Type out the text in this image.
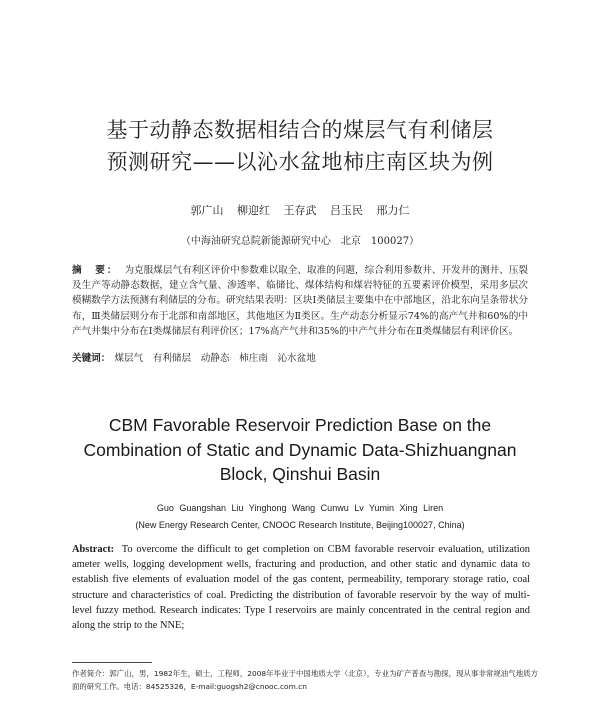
基于动静态数据相结合的煤层气有利储层
预测研究——以沁水盆地柿庄南区块为例
郭广山 柳迎红 王存武 吕玉民 邢力仁
（中海油研究总院新能源研究中心　北京　100027）

摘　要： 为克服煤层气有利区评价中参数难以取全、取准的问题，综合利用参数井、开发井的测井、压裂及生产等动静态数据，建立含气量、渗透率、临储比、煤体结构和煤岩特征的五要素评价模型，采用多层次模糊数学方法预测有利储层的分布。研究结果表明：区块Ⅰ类储层主要集中在中部地区，沿北东向呈条带状分布，Ⅲ类储层则分布于北部和南部地区，其他地区为Ⅱ类区。生产动态分析显示74%的高产气井和60%的中产气井集中分布在Ⅰ类煤储层有利评价区；17%高产气井和35%的中产气井分布在Ⅱ类煤储层有利评价区。

关键词： 煤层气　有利储层　动静态　柿庄南　沁水盆地

CBM Favorable Reservoir Prediction Base on the
Combination of Static and Dynamic Data-Shizhuangnan
Block, Qinshui Basin
Guo Guangshan Liu Yinghong Wang Cunwu Lv Yumin Xing Liren
(New Energy Research Center, CNOOC Research Institute, Beijing100027, China)

Abstract: To overcome the difficult to get completion on CBM favorable reservoir evaluation, utilization ameter wells, logging development wells, fracturing and production, and other static and dynamic data to establish five elements of evaluation model of the gas content, permeability, temporary storage ratio, coal structure and characteristics of coal. Predicting the distribution of favorable reservoir by the way of multi-level fuzzy method. Research indicates: Type I reservoirs are mainly concentrated in the central region and along the strip to the NNE;

作者简介：郭广山，男，1982年生，硕士，工程师，2008年毕业于中国地质大学（北京），专业为矿产普查与勘探，现从事非常规油气地质方面的研究工作。电话：84525326，E-mail:guogsh2@cnooc.com.cn
